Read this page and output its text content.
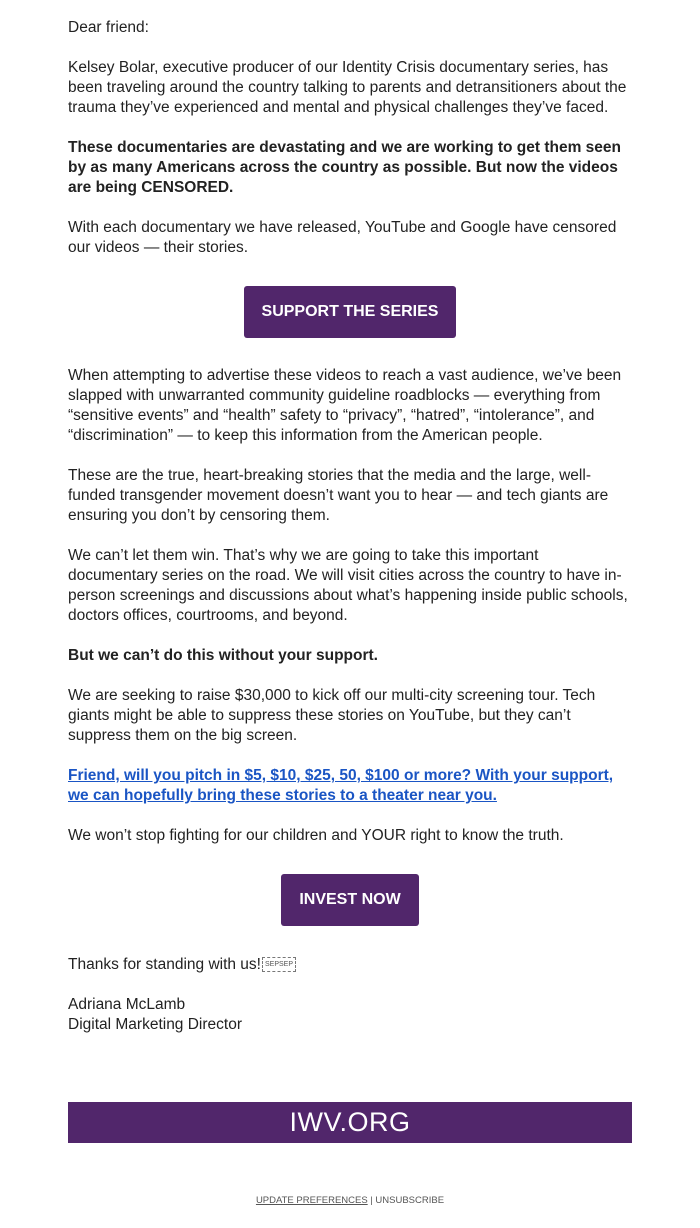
Dear friend:

Kelsey Bolar, executive producer of our Identity Crisis documentary series, has been traveling around the country talking to parents and detransitioners about the trauma they’ve experienced and mental and physical challenges they’ve faced.

These documentaries are devastating and we are working to get them seen by as many Americans across the country as possible. But now the videos are being CENSORED.

With each documentary we have released, YouTube and Google have censored our videos — their stories.

SUPPORT THE SERIES

When attempting to advertise these videos to reach a vast audience, we’ve been slapped with unwarranted community guideline roadblocks — everything from “sensitive events” and “health” safety to “privacy”, “hatred”, “intolerance”, and “discrimination” — to keep this information from the American people.

These are the true, heart-breaking stories that the media and the large, well-funded transgender movement doesn’t want you to hear — and tech giants are ensuring you don’t by censoring them.

We can’t let them win. That’s why we are going to take this important documentary series on the road. We will visit cities across the country to have in-person screenings and discussions about what’s happening inside public schools, doctors offices, courtrooms, and beyond.

But we can’t do this without your support.

We are seeking to raise $30,000 to kick off our multi-city screening tour. Tech giants might be able to suppress these stories on YouTube, but they can’t suppress them on the big screen.

Friend, will you pitch in $5, $10, $25, 50, $100 or more? With your support, we can hopefully bring these stories to a theater near you.

We won’t stop fighting for our children and YOUR right to know the truth.

INVEST NOW

Thanks for standing with us! SEPSEP

Adriana McLamb
Digital Marketing Director

IWV.ORG
UPDATE PREFERENCES | UNSUBSCRIBE
